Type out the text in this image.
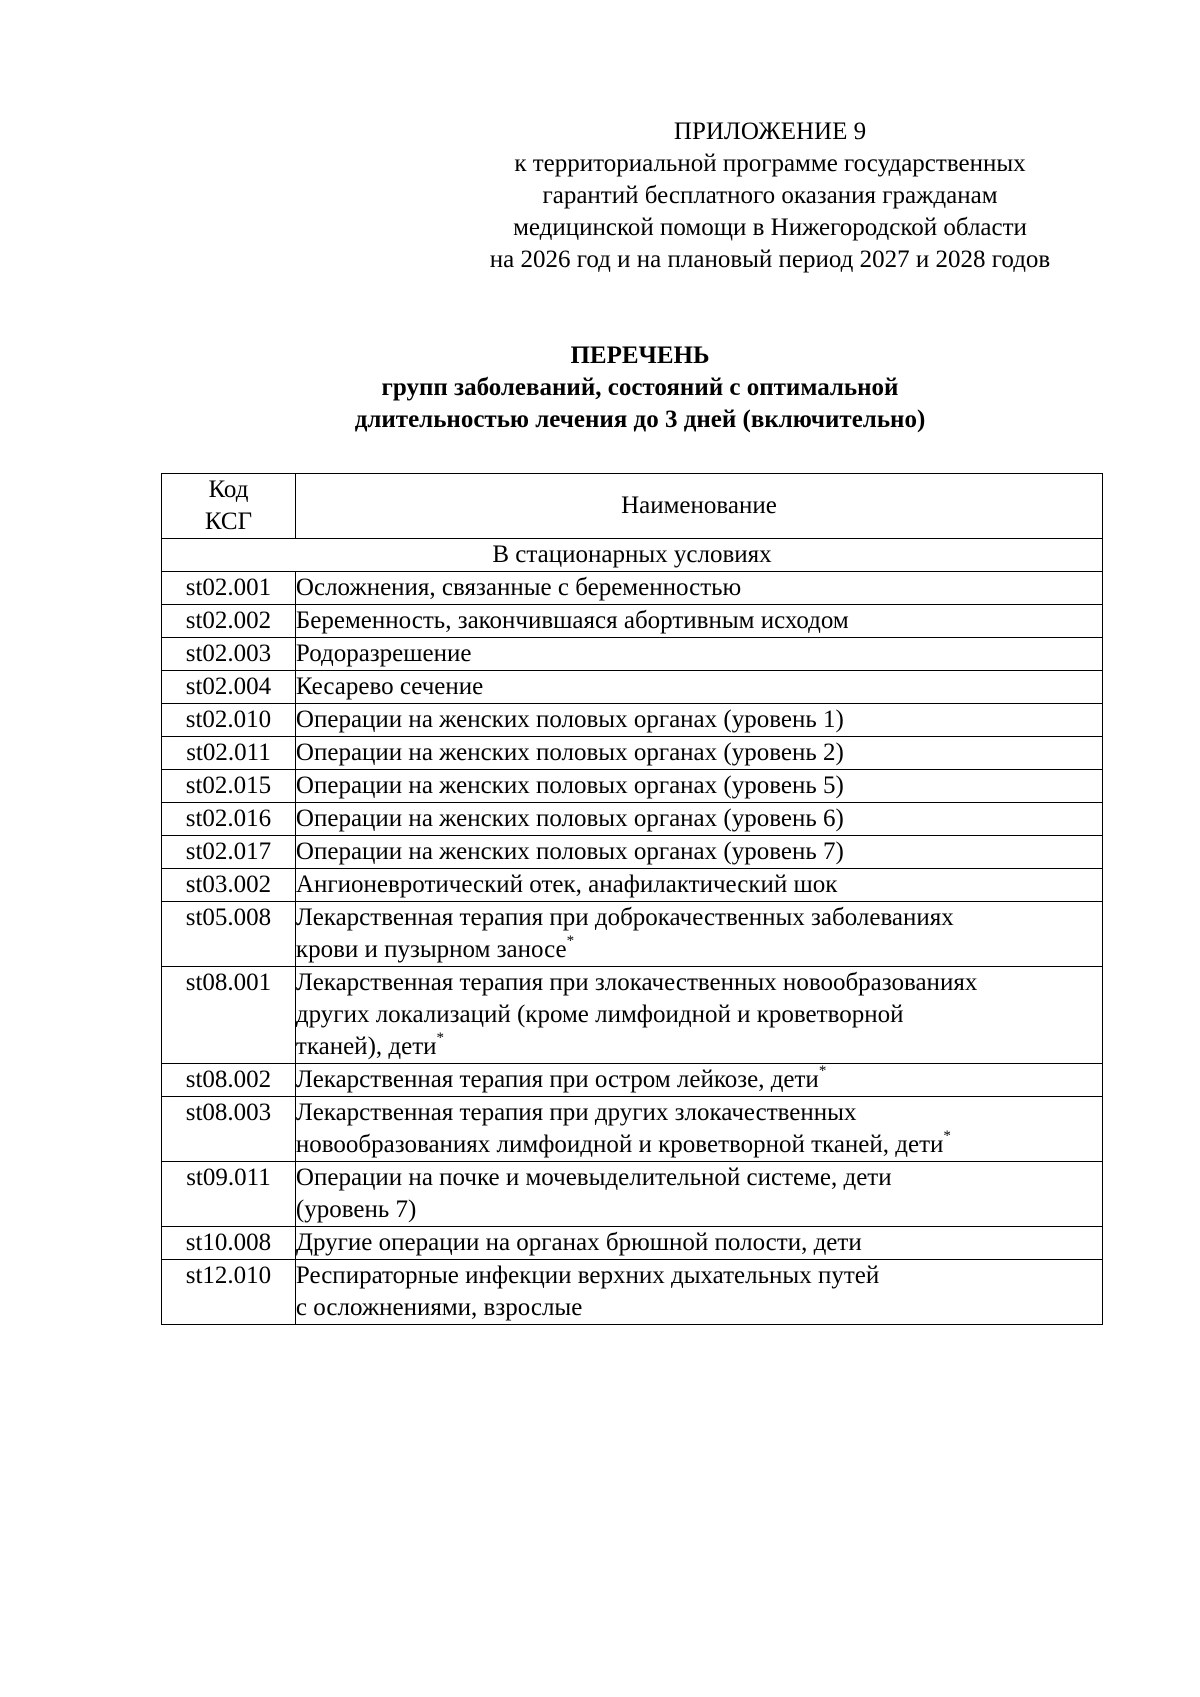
ПРИЛОЖЕНИЕ 9
к территориальной программе государственных
гарантий бесплатного оказания гражданам
медицинской помощи в Нижегородской области
на 2026 год и на плановый период 2027 и 2028 годов
ПЕРЕЧЕНЬ
групп заболеваний, состояний с оптимальной
длительностью лечения до 3 дней (включительно)
Код
КСГ	Наименование
В стационарных условиях	
st02.001	Осложнения, связанные с беременностью
st02.002	Беременность, закончившаяся абортивным исходом
st02.003	Родоразрешение
st02.004	Кесарево сечение
st02.010	Операции на женских половых органах (уровень 1)
st02.011	Операции на женских половых органах (уровень 2)
st02.015	Операции на женских половых органах (уровень 5)
st02.016	Операции на женских половых органах (уровень 6)
st02.017	Операции на женских половых органах (уровень 7)
st03.002	Ангионевротический отек, анафилактический шок
st05.008	Лекарственная терапия при доброкачественных заболеваниях
крови и пузырном заносе*
st08.001	Лекарственная терапия при злокачественных новообразованиях
других локализаций (кроме лимфоидной и кроветворной
тканей), дети*
st08.002	Лекарственная терапия при остром лейкозе, дети*
st08.003	Лекарственная терапия при других злокачественных
новообразованиях лимфоидной и кроветворной тканей, дети*
st09.011	Операции на почке и мочевыделительной системе, дети
(уровень 7)
st10.008	Другие операции на органах брюшной полости, дети
st12.010	Респираторные инфекции верхних дыхательных путей
с осложнениями, взрослые
